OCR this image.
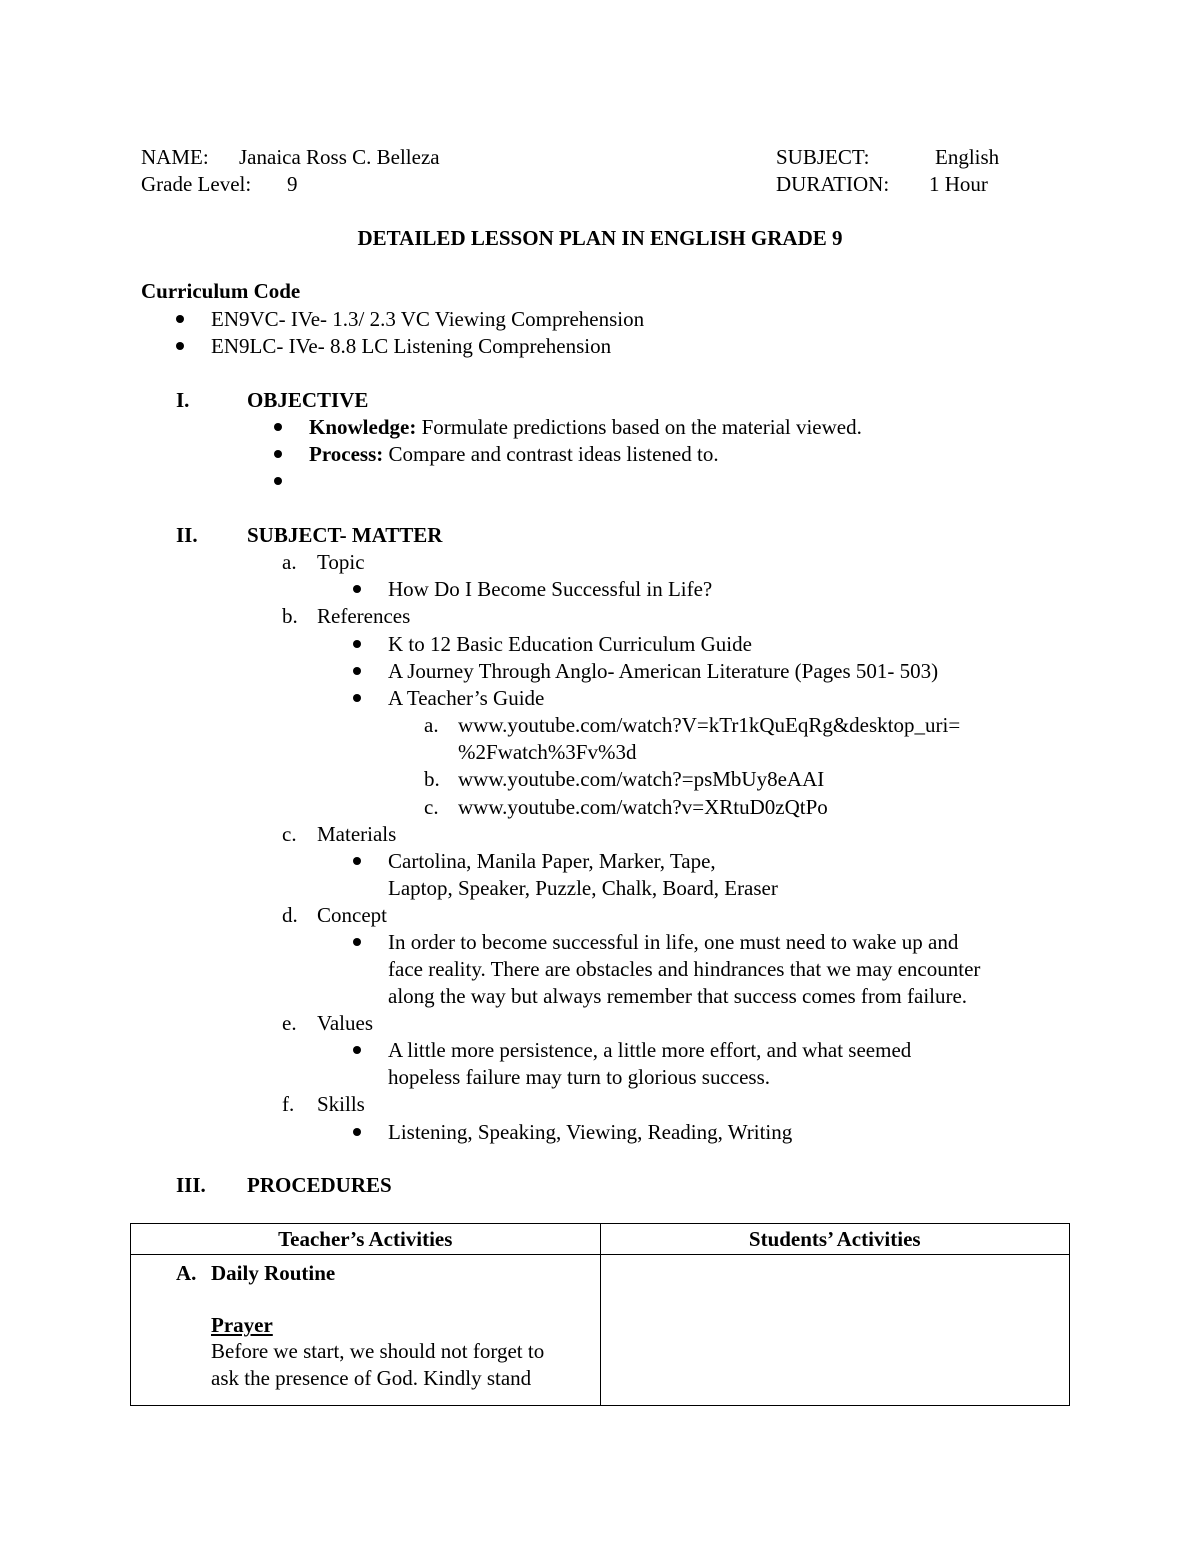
NAME: Janaica Ross C. Belleza
Grade Level: 9
SUBJECT:	English
DURATION: 1 Hour
DETAILED LESSON PLAN IN ENGLISH GRADE 9
Curriculum Code
EN9VC- IVe- 1.3/ 2.3 VC Viewing Comprehension
EN9LC- IVe- 8.8 LC Listening Comprehension
I.	OBJECTIVE
Knowledge: Formulate predictions based on the material viewed.
Process: Compare and contrast ideas listened to.
II. SUBJECT- MATTER
a. Topic
How Do I Become Successful in Life?
b. References
K to 12 Basic Education Curriculum Guide
A Journey Through Anglo- American Literature (Pages 501- 503)
A Teacher’s Guide
a. www.youtube.com/watch?V=kTr1kQuEqRg&desktop_uri=
%2Fwatch%3Fv%3d
b. www.youtube.com/watch?=psMbUy8eAAI
c. www.youtube.com/watch?v=XRtuD0zQtPo
c. Materials
Cartolina, Manila Paper, Marker, Tape,
Laptop, Speaker, Puzzle, Chalk, Board, Eraser
d. Concept
In order to become successful in life, one must need to wake up and
face reality. There are obstacles and hindrances that we may encounter
along the way but always remember that success comes from failure.
e. Values
A little more persistence, a little more effort, and what seemed
hopeless failure may turn to glorious success.
f. Skills
Listening, Speaking, Viewing, Reading, Writing
III. PROCEDURES
Teacher’s Activities	Students’ Activities

A. Daily Routine
Prayer
Before we start, we should not forget to
ask the presence of God. Kindly stand	
